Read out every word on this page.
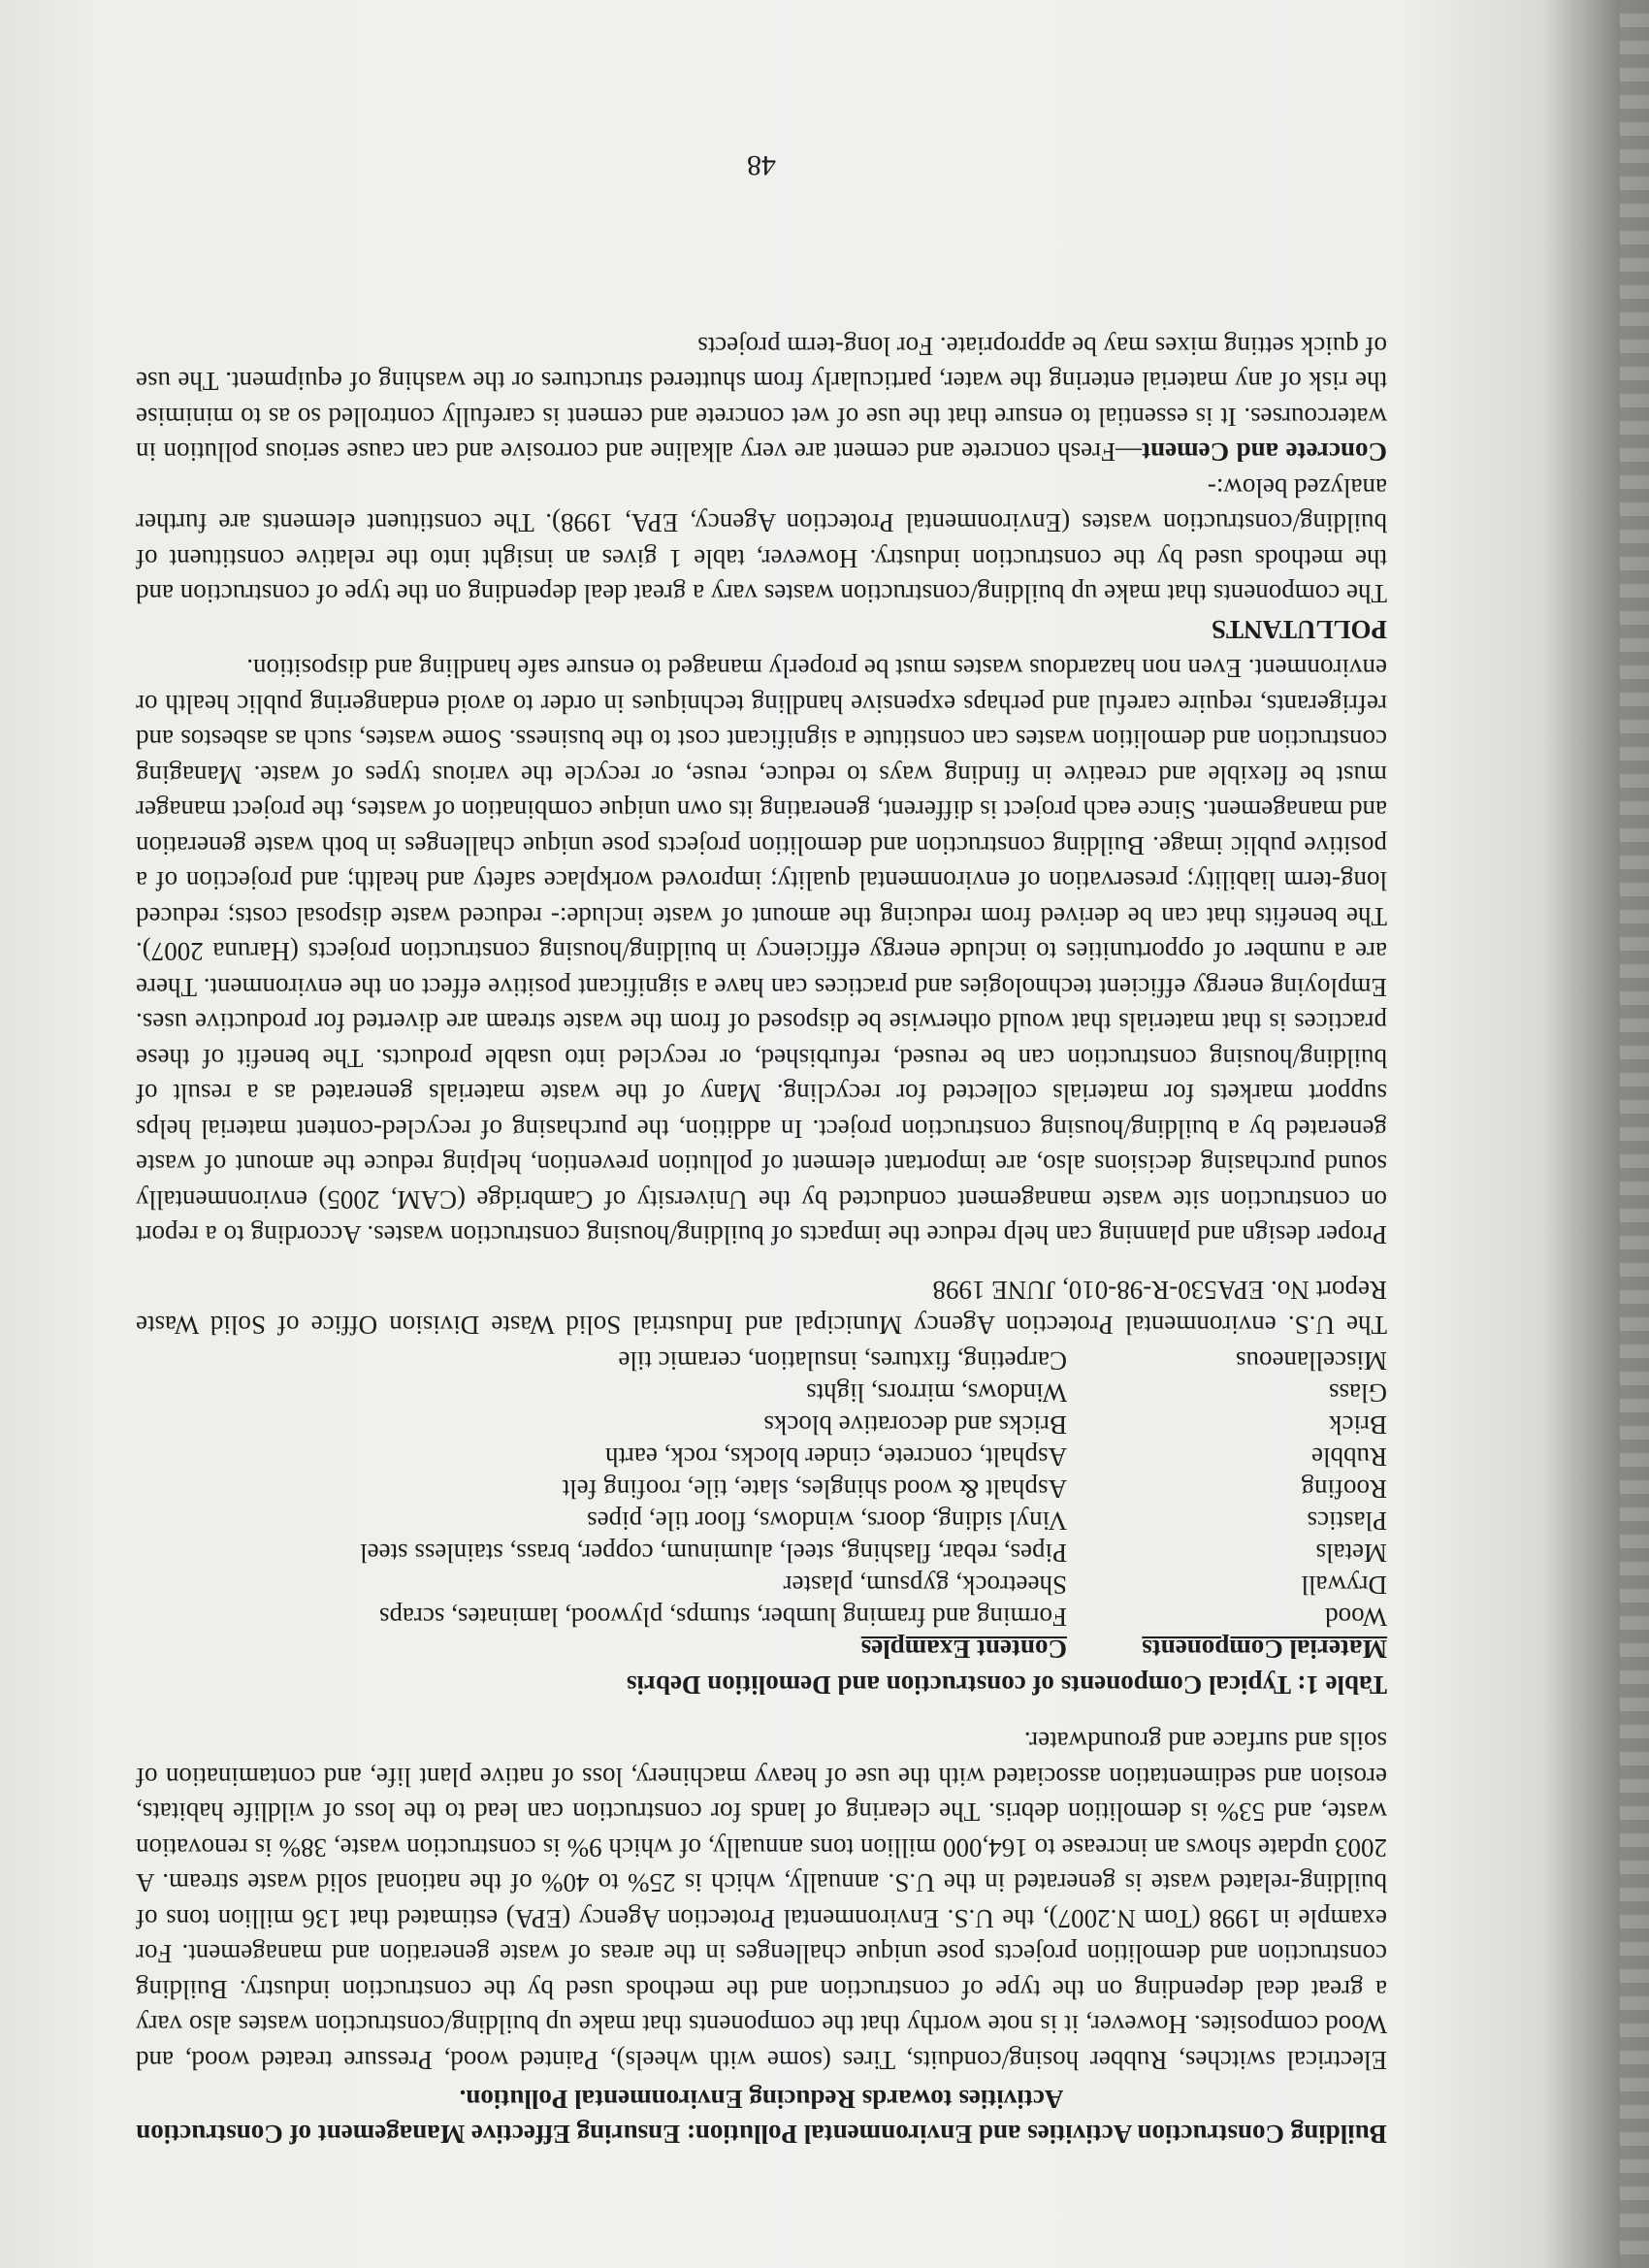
Building Construction Activities and Environmental Pollution: Ensuring Effective Management of Construction Activities towards Reducing Environmental Pollution.

Electrical switches, Rubber hosing/conduits, Tires (some with wheels), Painted wood, Pressure treated wood, and Wood composites. However, it is note worthy that the components that make up building/construction wastes also vary a great deal depending on the type of construction and the methods used by the construction industry. Building construction and demolition projects pose unique challenges in the areas of waste generation and management. For example in 1998 (Tom N.2007), the U.S. Environmental Protection Agency (EPA) estimated that 136 million tons of building-related waste is generated in the U.S. annually, which is 25% to 40% of the national solid waste stream. A 2003 update shows an increase to 164,000 million tons annually, of which 9% is construction waste, 38% is renovation waste, and 53% is demolition debris. The clearing of lands for construction can lead to the loss of wildlife habitats, erosion and sedimentation associated with the use of heavy machinery, loss of native plant life, and contamination of soils and surface and groundwater.

Table 1: Typical Components of construction and Demolition Debris
Material Components	Content Examples
Wood	Forming and framing lumber, stumps, plywood, laminates, scraps
Drywall	Sheetrock, gypsum, plaster
Metals	Pipes, rebar, flashing, steel, aluminum, copper, brass, stainless steel
Plastics	Vinyl siding, doors, windows, floor tile, pipes
Roofing	Asphalt & wood shingles, slate, tile, roofing felt
Rubble	Asphalt, concrete, cinder blocks, rock, earth
Brick	Bricks and decorative blocks
Glass	Windows, mirrors, lights
Miscellaneous	Carpeting, fixtures, insulation, ceramic tile

The U.S. environmental Protection Agency Municipal and Industrial Solid Waste Division Office of Solid Waste Report No. EPA530-R-98-010, JUNE 1998

Proper design and planning can help reduce the impacts of building/housing construction wastes. According to a report on construction site waste management conducted by the University of Cambridge (CAM, 2005) environmentally sound purchasing decisions also, are important element of pollution prevention, helping reduce the amount of waste generated by a building/housing construction project. In addition, the purchasing of recycled-content material helps support markets for materials collected for recycling. Many of the waste materials generated as a result of building/housing construction can be reused, refurbished, or recycled into usable products. The benefit of these practices is that materials that would otherwise be disposed of from the waste stream are diverted for productive uses. Employing energy efficient technologies and practices can have a significant positive effect on the environment. There are a number of opportunities to include energy efficiency in building/housing construction projects (Haruna 2007). The benefits that can be derived from reducing the amount of waste include:- reduced waste disposal costs; reduced long-term liability; preservation of environmental quality; improved workplace safety and health; and projection of a positive public image. Building construction and demolition projects pose unique challenges in both waste generation and management. Since each project is different, generating its own unique combination of wastes, the project manager must be flexible and creative in finding ways to reduce, reuse, or recycle the various types of waste. Managing construction and demolition wastes can constitute a significant cost to the business. Some wastes, such as asbestos and refrigerants, require careful and perhaps expensive handling techniques in order to avoid endangering public health or environment. Even non hazardous wastes must be properly managed to ensure safe handling and disposition.

POLLUTANTS

The components that make up building/construction wastes vary a great deal depending on the type of construction and the methods used by the construction industry. However, table 1 gives an insight into the relative constituent of building/construction wastes (Environmental Protection Agency, EPA, 1998). The constituent elements are further analyzed below:-

Concrete and Cement—Fresh concrete and cement are very alkaline and corrosive and can cause serious pollution in watercourses. It is essential to ensure that the use of wet concrete and cement is carefully controlled so as to minimise the risk of any material entering the water, particularly from shuttered structures or the washing of equipment. The use of quick setting mixes may be appropriate. For long-term projects

48
